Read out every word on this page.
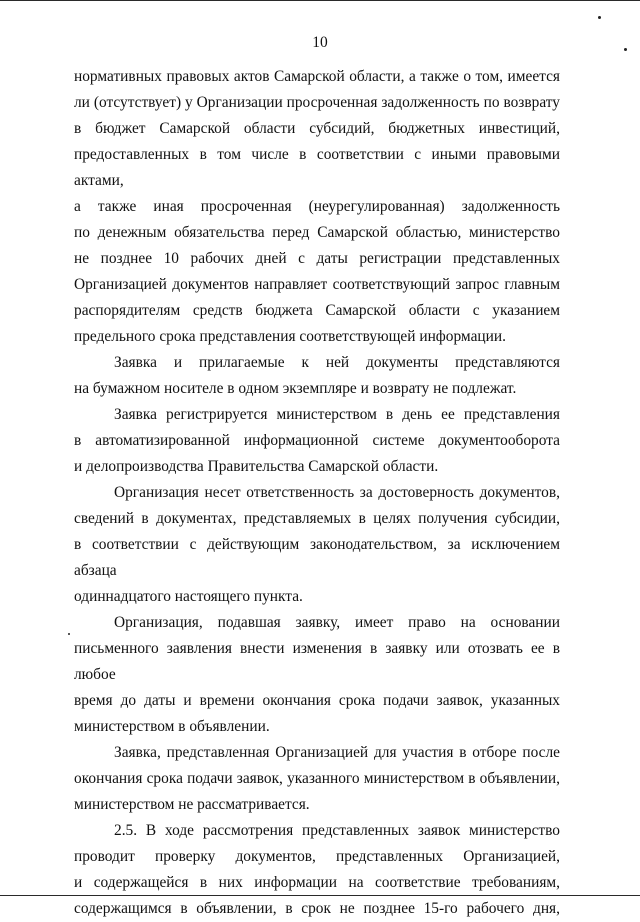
10

нормативных правовых актов Самарской области, а также о том, имеется

ли (отсутствует) у Организации просроченная задолженность по возврату

в бюджет Самарской области субсидий, бюджетных инвестиций,

предоставленных в том числе в соответствии с иными правовыми актами,

а также иная просроченная (неурегулированная) задолженность

по денежным обязательства перед Самарской областью, министерство

не позднее 10 рабочих дней с даты регистрации представленных

Организацией документов направляет соответствующий запрос главным

распорядителям средств бюджета Самарской области с указанием

предельного срока представления соответствующей информации.

Заявка и прилагаемые к ней документы представляются

на бумажном носителе в одном экземпляре и возврату не подлежат.

Заявка регистрируется министерством в день ее представления

в автоматизированной информационной системе документооборота

и делопроизводства Правительства Самарской области.

Организация несет ответственность за достоверность документов,

сведений в документах, представляемых в целях получения субсидии,

в соответствии с действующим законодательством, за исключением абзаца

одиннадцатого настоящего пункта.

Организация, подавшая заявку, имеет право на основании

письменного заявления внести изменения в заявку или отозвать ее в любое

время до даты и времени окончания срока подачи заявок, указанных

министерством в объявлении.

Заявка, представленная Организацией для участия в отборе после

окончания срока подачи заявок, указанного министерством в объявлении,

министерством не рассматривается.

2.5. В ходе рассмотрения представленных заявок министерство

проводит проверку документов, представленных Организацией,

и содержащейся в них информации на соответствие требованиям,

содержащимся в объявлении, в срок не позднее 15-го рабочего дня,
